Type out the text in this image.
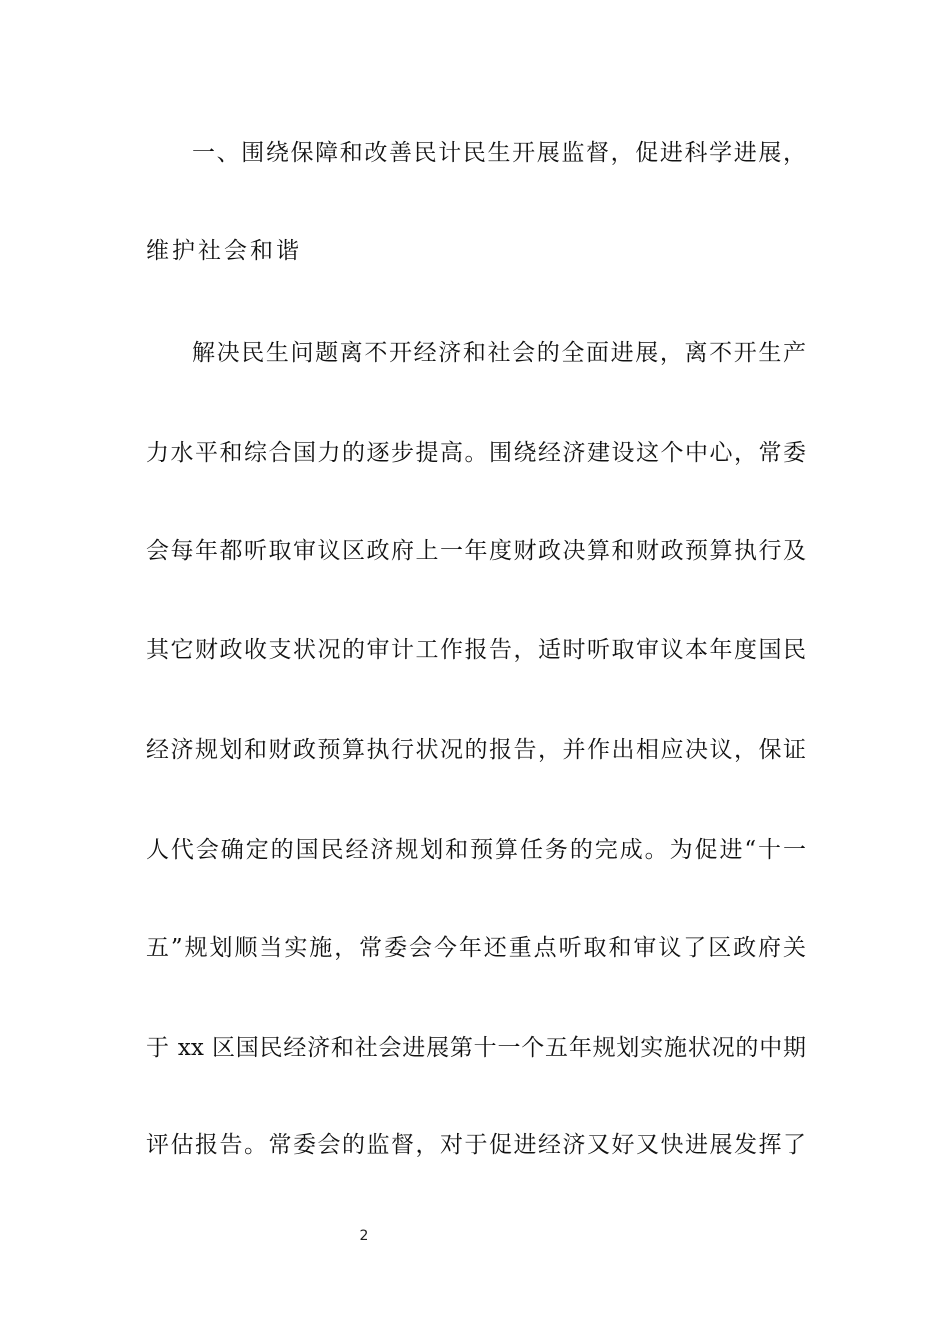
一、围绕保障和改善民计民生开展监督，促进科学进展，
维护社会和谐
解决民生问题离不开经济和社会的全面进展，离不开生产
力水平和综合国力的逐步提高。围绕经济建设这个中心，常委
会每年都听取审议区政府上一年度财政决算和财政预算执行及
其它财政收支状况的审计工作报告，适时听取审议本年度国民
经济规划和财政预算执行状况的报告，并作出相应决议，保证
人代会确定的国民经济规划和预算任务的完成。为促进“十一
五”规划顺当实施，常委会今年还重点听取和审议了区政府关
于 xx 区国民经济和社会进展第十一个五年规划实施状况的中期
评估报告。常委会的监督，对于促进经济又好又快进展发挥了
2
